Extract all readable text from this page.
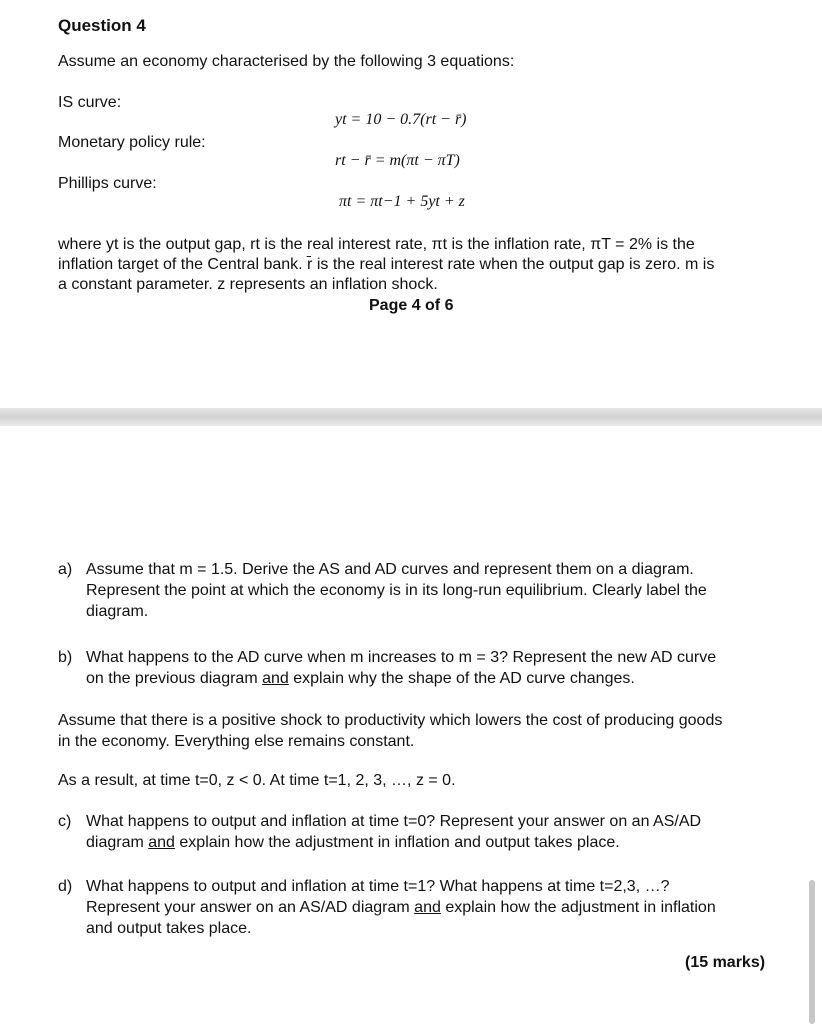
Question 4
Assume an economy characterised by the following 3 equations:
IS curve:
Monetary policy rule:
Phillips curve:
yt = 10 − 0.7(rt − r̄)
rt − r̄ = m(πt − πT)
πt = πt−1 + 5yt + z
where yt is the output gap, rt is the real interest rate, πt is the inflation rate, πT = 2% is the
inflation target of the Central bank. r̄ is the real interest rate when the output gap is zero. m is
a constant parameter. z represents an inflation shock.
Page 4 of 6
a) Assume that m = 1.5. Derive the AS and AD curves and represent them on a diagram.
Represent the point at which the economy is in its long-run equilibrium. Clearly label the
diagram.
b) What happens to the AD curve when m increases to m = 3? Represent the new AD curve
on the previous diagram and explain why the shape of the AD curve changes.
Assume that there is a positive shock to productivity which lowers the cost of producing goods
in the economy. Everything else remains constant.
As a result, at time t=0, z < 0. At time t=1, 2, 3, …, z = 0.
c) What happens to output and inflation at time t=0? Represent your answer on an AS/AD
diagram and explain how the adjustment in inflation and output takes place.
d) What happens to output and inflation at time t=1? What happens at time t=2,3, …?
Represent your answer on an AS/AD diagram and explain how the adjustment in inflation
and output takes place.
(15 marks)
